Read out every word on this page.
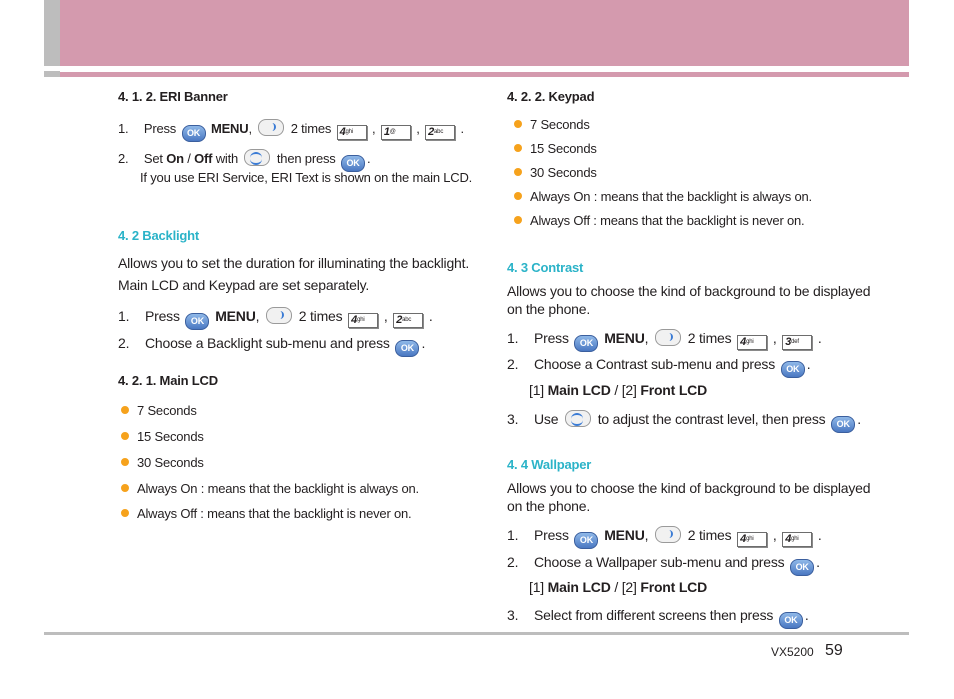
4. 1. 2. ERI Banner
1. Press OK MENU,	2 times 4ghi , 1@ , 2abc .
2. Set On / Off with	then press OK .
If you use ERI Service, ERI Text is shown on the main LCD.
4. 2 Backlight
Allows you to set the duration for illuminating the backlight.
Main LCD and Keypad are set separately.
1. Press OK MENU,	2 times 4ghi , 2abc .
2. Choose a Backlight sub-menu and press OK .
4. 2. 1. Main LCD
7 Seconds
15 Seconds
30 Seconds
Always On : means that the backlight is always on.
Always Off : means that the backlight is never on.
4. 2. 2. Keypad
7 Seconds
15 Seconds
30 Seconds
Always On : means that the backlight is always on.
Always Off : means that the backlight is never on.
4. 3 Contrast
Allows you to choose the kind of background to be displayed
on the phone.
1. Press OK MENU,	2 times 4ghi , 3def .
2. Choose a Contrast sub-menu and press OK .
[1] Main LCD / [2] Front LCD
3. Use	to adjust the contrast level, then press OK .
4. 4 Wallpaper
Allows you to choose the kind of background to be displayed
on the phone.
1. Press OK MENU,	2 times 4ghi , 4ghi .
2. Choose a Wallpaper sub-menu and press OK .
[1] Main LCD / [2] Front LCD
3. Select from different screens then press OK .
VX5200 59
